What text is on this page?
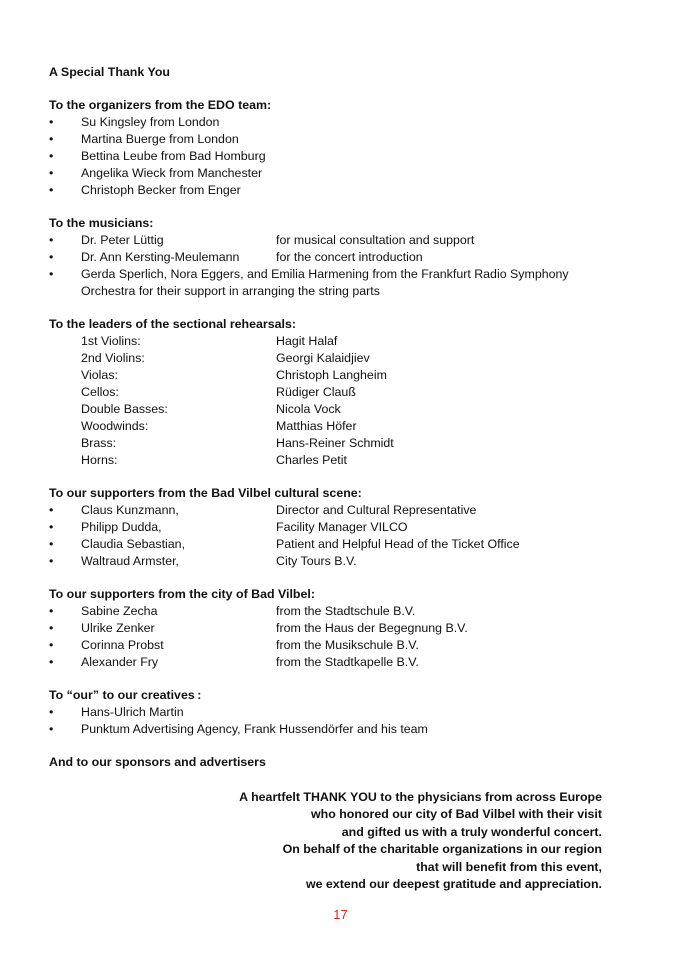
A Special Thank You
To the organizers from the EDO team:
•	Su Kingsley from London
•	Martina Buerge from London
•	Bettina Leube from Bad Homburg
•	Angelika Wieck from Manchester
•	Christoph Becker from Enger
To the musicians:
•	Dr. Peter Lüttig	for musical consultation and support
•	Dr. Ann Kersting-Meulemann	for the concert introduction
•	Gerda Sperlich, Nora Eggers, and Emilia Harmening from the Frankfurt Radio Symphony
Orchestra for their support in arranging the string parts
To the leaders of the sectional rehearsals:
1st Violins:	Hagit Halaf
2nd Violins:	Georgi Kalaidjiev
Violas:	Christoph Langheim
Cellos:	Rüdiger Clauß
Double Basses:	Nicola Vock
Woodwinds:	Matthias Höfer
Brass:	Hans-Reiner Schmidt
Horns:	Charles Petit
To our supporters from the Bad Vilbel cultural scene:
•	Claus Kunzmann,	Director and Cultural Representative
•	Philipp Dudda,	Facility Manager VILCO
•	Claudia Sebastian,	Patient and Helpful Head of the Ticket Office
•	Waltraud Armster,	City Tours B.V.
To our supporters from the city of Bad Vilbel:
•	Sabine Zecha	from the Stadtschule B.V.
•	Ulrike Zenker	from the Haus der Begegnung B.V.
•	Corinna Probst	from the Musikschule B.V.
•	Alexander Fry	from the Stadtkapelle B.V.
To “our” to our creatives :
•	Hans-Ulrich Martin
•	Punktum Advertising Agency, Frank Hussendörfer and his team
And to our sponsors and advertisers
A heartfelt THANK YOU to the physicians from across Europe
who honored our city of Bad Vilbel with their visit
and gifted us with a truly wonderful concert.
On behalf of the charitable organizations in our region
that will benefit from this event,
we extend our deepest gratitude and appreciation.
17
